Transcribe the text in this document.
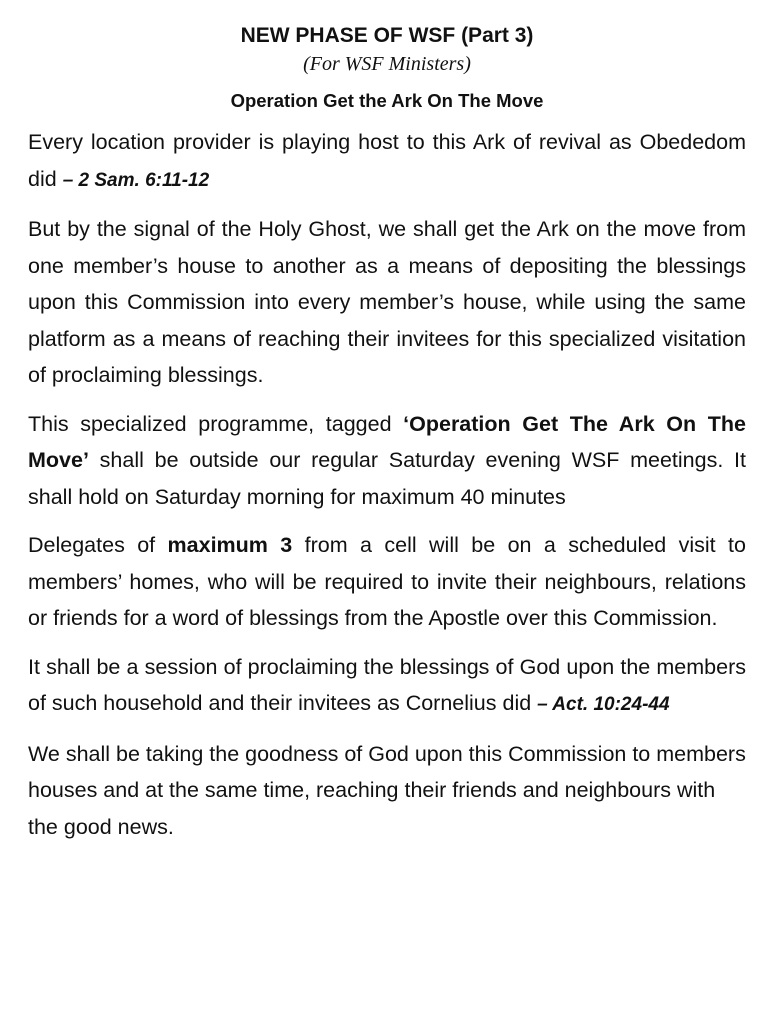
NEW PHASE OF WSF (Part 3)

(For WSF Ministers)

Operation Get the Ark On The Move

Every location provider is playing host to this Ark of revival as Obededom did – 2 Sam. 6:11-12

But by the signal of the Holy Ghost, we shall get the Ark on the move from one member’s house to another as a means of depositing the blessings upon this Commission into every member’s house, while using the same platform as a means of reaching their invitees for this specialized visitation of proclaiming blessings.

This specialized programme, tagged ‘Operation Get The Ark On The Move’ shall be outside our regular Saturday evening WSF meetings. It shall hold on Saturday morning for maximum 40 minutes

Delegates of maximum 3 from a cell will be on a scheduled visit to members’ homes, who will be required to invite their neighbours, relations or friends for a word of blessings from the Apostle over this Commission.

It shall be a session of proclaiming the blessings of God upon the members of such household and their invitees as Cornelius did – Act. 10:24-44

We shall be taking the goodness of God upon this Commission to members houses and at the same time, reaching their friends and neighbours with the good news.
